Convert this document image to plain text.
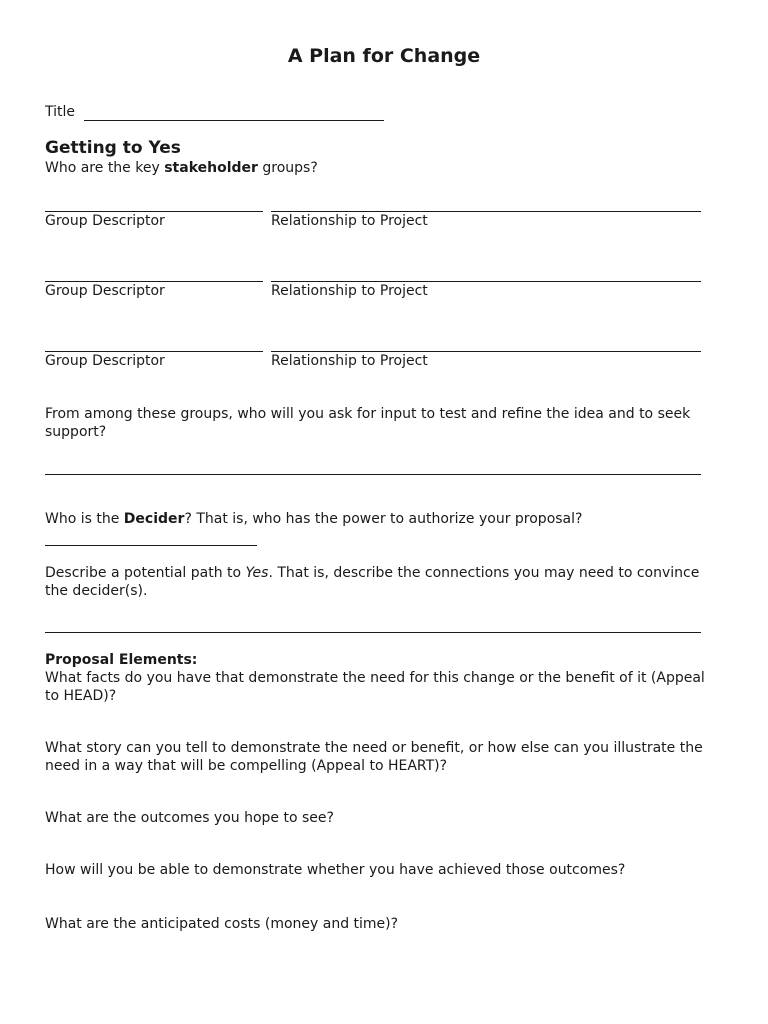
A Plan for Change
Title
Getting to Yes
Who are the key stakeholder groups?
Group Descriptor	Relationship to Project
Group Descriptor	Relationship to Project
Group Descriptor	Relationship to Project
From among these groups, who will you ask for input to test and refine the idea and to seek support?
Who is the Decider? That is, who has the power to authorize your proposal?
Describe a potential path to Yes. That is, describe the connections you may need to convince the decider(s).
Proposal Elements:
What facts do you have that demonstrate the need for this change or the benefit of it (Appeal to HEAD)?
What story can you tell to demonstrate the need or benefit, or how else can you illustrate the need in a way that will be compelling (Appeal to HEART)?
What are the outcomes you hope to see?
How will you be able to demonstrate whether you have achieved those outcomes?
What are the anticipated costs (money and time)?
